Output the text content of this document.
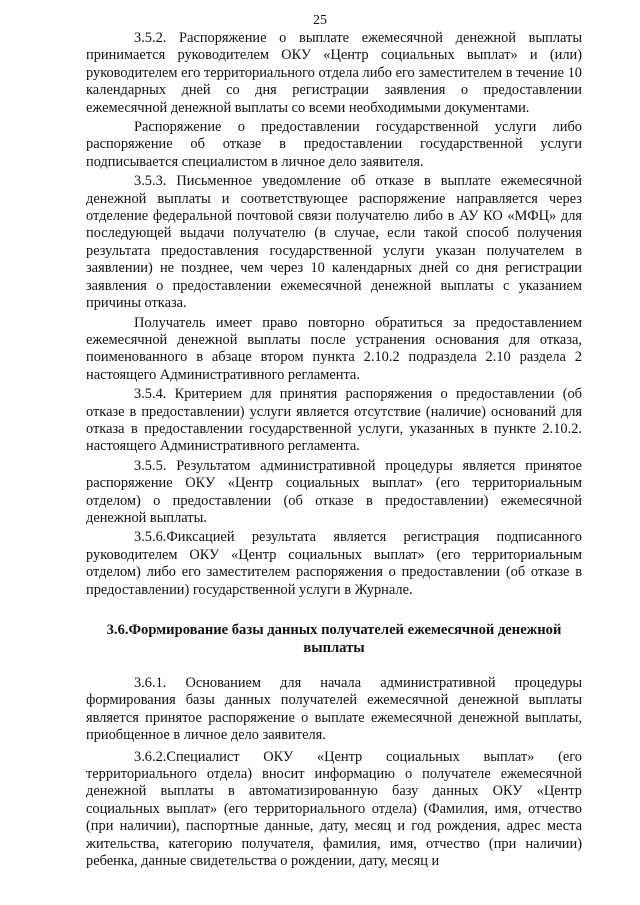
25

3.5.2. Распоряжение о выплате ежемесячной денежной выплаты принимается руководителем ОКУ «Центр социальных выплат» и (или) руководителем его территориального отдела либо его заместителем в течение 10 календарных дней со дня регистрации заявления о предоставлении ежемесячной денежной выплаты со всеми необходимыми документами.

Распоряжение о предоставлении государственной услуги либо распоряжение об отказе в предоставлении государственной услуги подписывается специалистом в личное дело заявителя.

3.5.3. Письменное уведомление об отказе в выплате ежемесячной денежной выплаты и соответствующее распоряжение направляется через отделение федеральной почтовой связи получателю либо в АУ КО «МФЦ» для последующей выдачи получателю (в случае, если такой способ получения результата предоставления государственной услуги указан получателем в заявлении) не позднее, чем через 10 календарных дней со дня регистрации заявления о предоставлении ежемесячной денежной выплаты с указанием причины отказа.

Получатель имеет право повторно обратиться за предоставлением ежемесячной денежной выплаты после устранения основания для отказа, поименованного в абзаце втором пункта 2.10.2 подраздела 2.10 раздела 2 настоящего Административного регламента.

3.5.4. Критерием для принятия распоряжения о предоставлении (об отказе в предоставлении) услуги является отсутствие (наличие) оснований для отказа в предоставлении государственной услуги, указанных в пункте 2.10.2. настоящего Административного регламента.

3.5.5. Результатом административной процедуры является принятое распоряжение ОКУ «Центр социальных выплат» (его территориальным отделом) о предоставлении (об отказе в предоставлении) ежемесячной денежной выплаты.

3.5.6.Фиксацией результата является регистрация подписанного руководителем ОКУ «Центр социальных выплат» (его территориальным отделом) либо его заместителем распоряжения о предоставлении (об отказе в предоставлении) государственной услуги в Журнале.

3.6.Формирование базы данных получателей ежемесячной денежной выплаты

3.6.1. Основанием для начала административной процедуры формирования базы данных получателей ежемесячной денежной выплаты является принятое распоряжение о выплате ежемесячной денежной выплаты, приобщенное в личное дело заявителя.

3.6.2.Специалист ОКУ «Центр социальных выплат» (его территориального отдела) вносит информацию о получателе ежемесячной денежной выплаты в автоматизированную базу данных ОКУ «Центр социальных выплат» (его территориального отдела) (Фамилия, имя, отчество (при наличии), паспортные данные, дату, месяц и год рождения, адрес места жительства, категорию получателя, фамилия, имя, отчество (при наличии) ребенка, данные свидетельства о рождении, дату, месяц и
